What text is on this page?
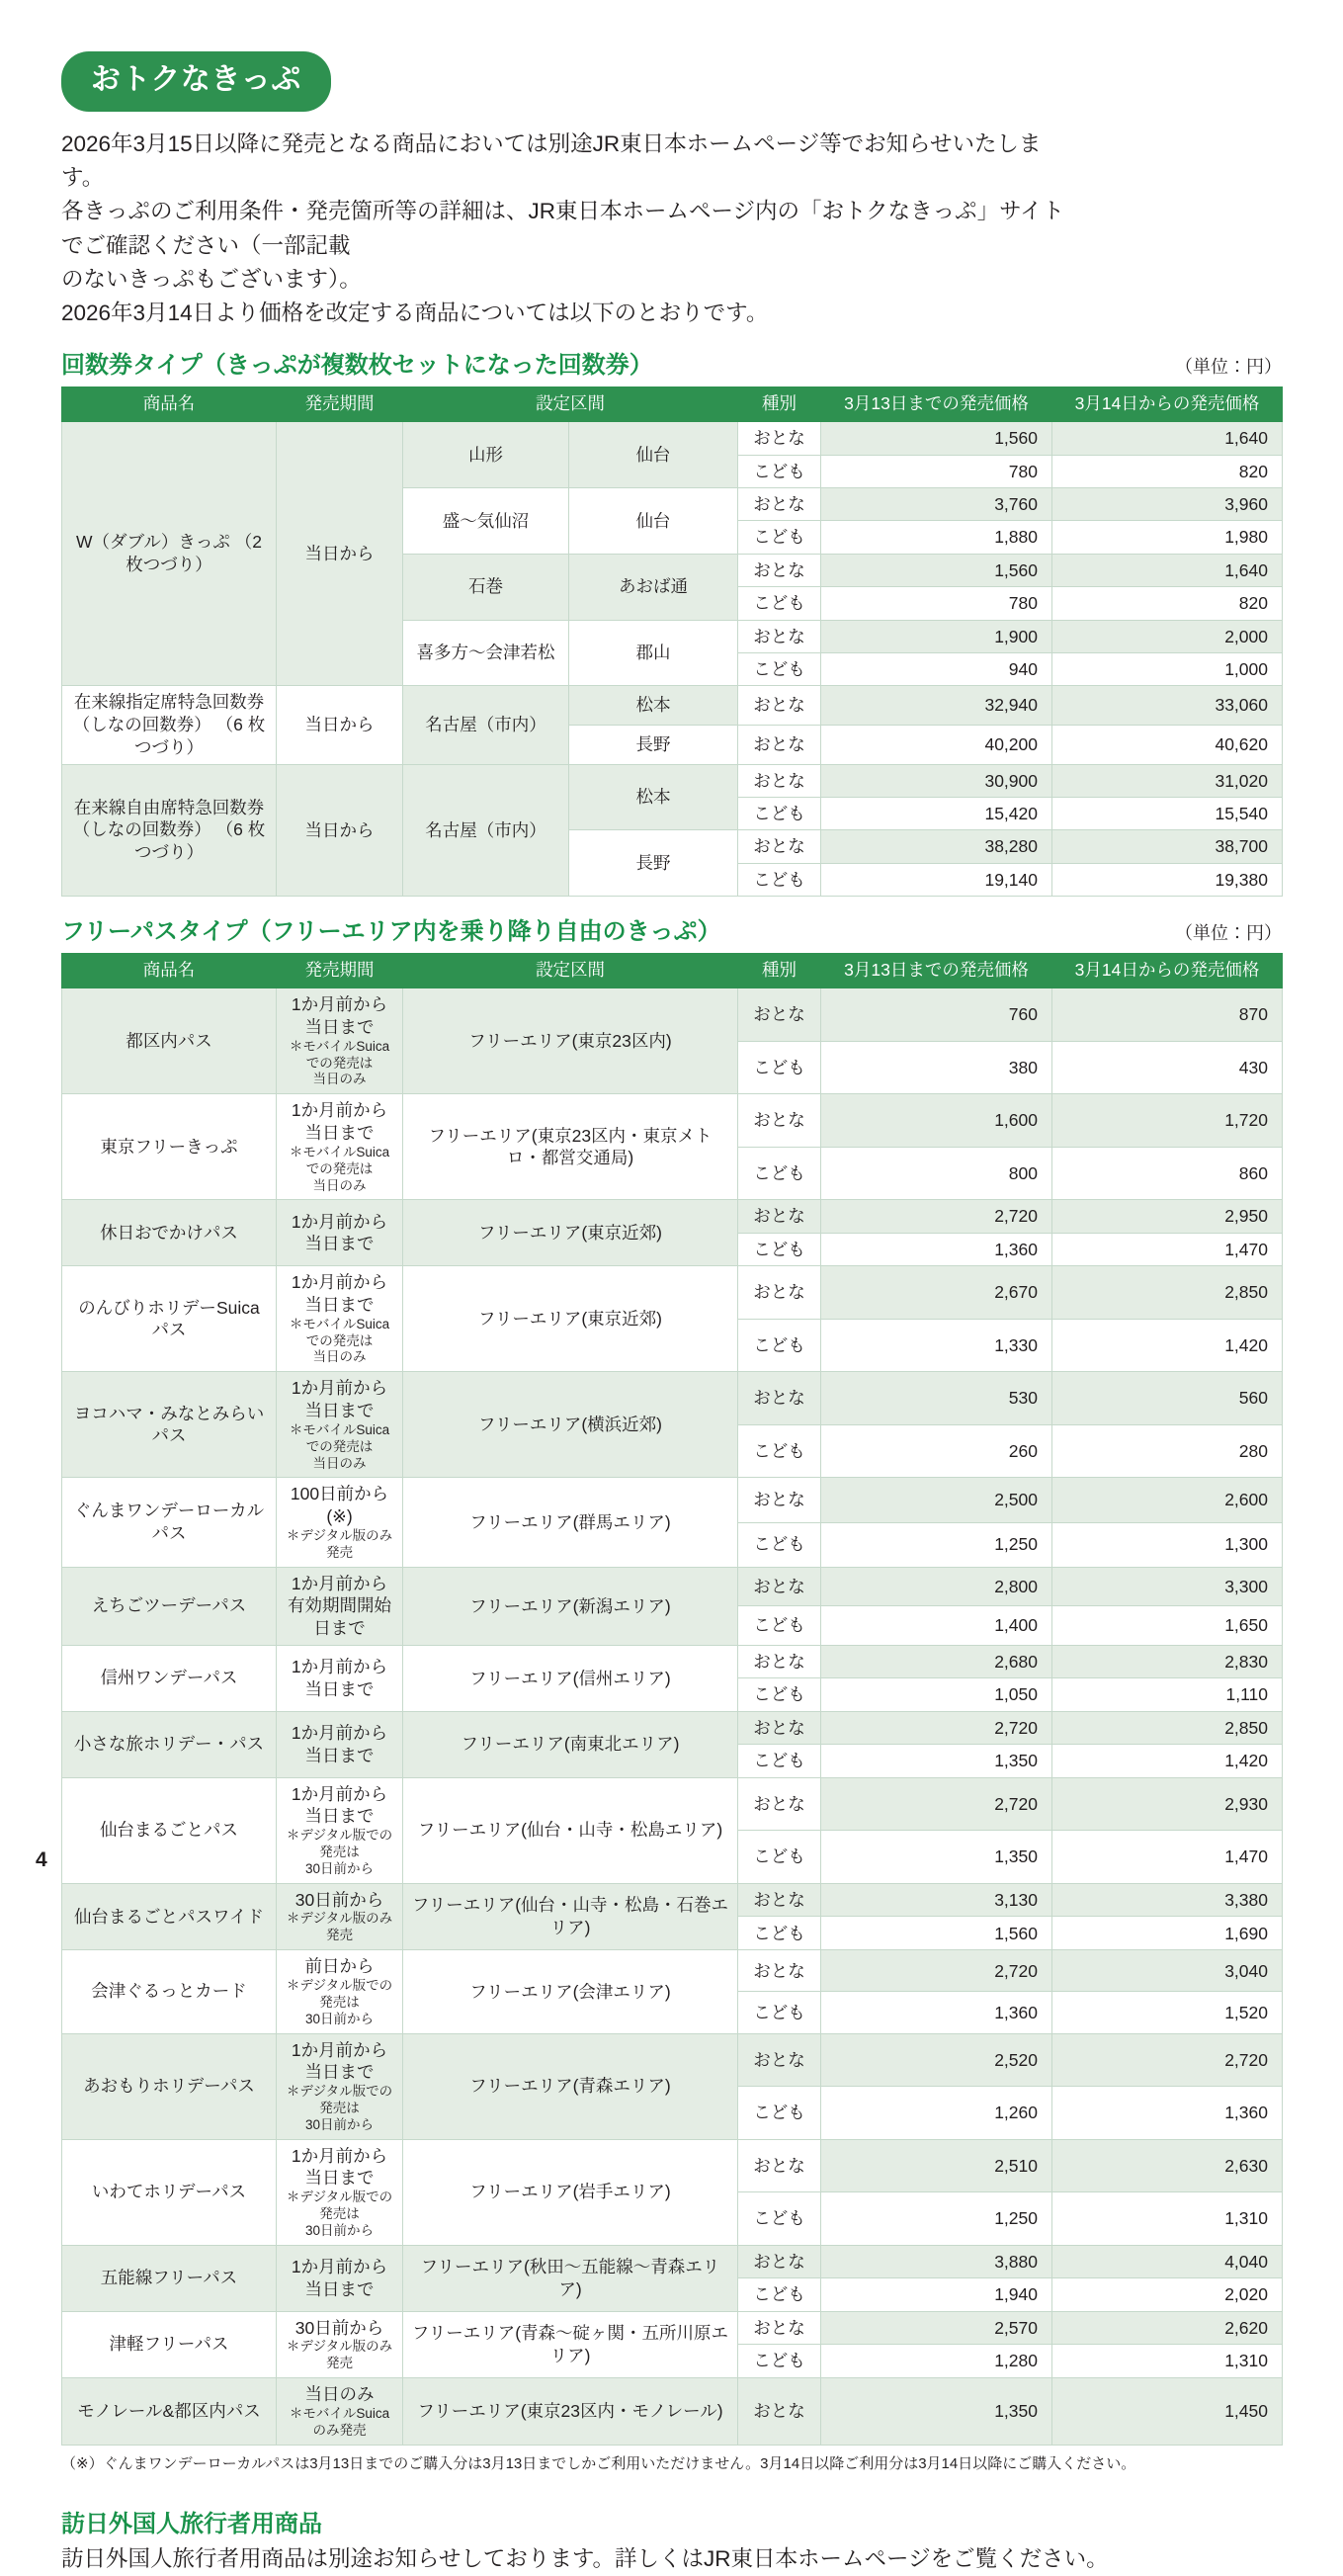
おトクなきっぷ

2026年3月15日以降に発売となる商品においては別途JR東日本ホームページ等でお知らせいたします。

各きっぷのご利用条件・発売箇所等の詳細は、JR東日本ホームページ内の「おトクなきっぷ」サイトでご確認ください（一部記載

のないきっぷもございます）。

2026年3月14日より価格を改定する商品については以下のとおりです。

回数券タイプ（きっぷが複数枚セットになった回数券）	（単位：円）
商品名	発売期間	設定区間		種別	3月13日までの発売価格	3月14日からの発売価格
W（ダブル）きっぷ （2 枚つづり）	当日から	山形	仙台	おとな	1,560	1,640
				こども	780	820
		盛〜気仙沼	仙台	おとな	3,760	3,960
				こども	1,880	1,980
		石巻	あおば通	おとな	1,560	1,640
				こども	780	820
		喜多方〜会津若松	郡山	おとな	1,900	2,000
				こども	940	1,000
在来線指定席特急回数券 （しなの回数券） （6 枚つづり）	当日から	名古屋（市内）	松本	おとな	32,940	33,060
			長野	おとな	40,200	40,620
在来線自由席特急回数券 （しなの回数券） （6 枚つづり）	当日から	名古屋（市内）	松本	おとな	30,900	31,020
				こども	15,420	15,540
			長野	おとな	38,280	38,700
				こども	19,140	19,380
フリーパスタイプ（フリーエリア内を乗り降り自由のきっぷ）	（単位：円）
商品名	発売期間	設定区間	種別	3月13日までの発売価格	3月14日からの発売価格
都区内パス	1か月前から当日まで
＊モバイルSuicaでの発売は
当日のみ	フリーエリア(東京23区内)	おとな	760	870
			こども	380	430
東京フリーきっぷ	1か月前から当日まで
＊モバイルSuicaでの発売は
当日のみ	フリーエリア(東京23区内・東京メトロ・都営交通局)	おとな	1,600	1,720
			こども	800	860
休日おでかけパス	1か月前から当日まで	フリーエリア(東京近郊)	おとな	2,720	2,950
			こども	1,360	1,470
のんびりホリデーSuicaパス	1か月前から当日まで
＊モバイルSuicaでの発売は
当日のみ	フリーエリア(東京近郊)	おとな	2,670	2,850
			こども	1,330	1,420
ヨコハマ・みなとみらいパス	1か月前から当日まで
＊モバイルSuicaでの発売は
当日のみ	フリーエリア(横浜近郊)	おとな	530	560
			こども	260	280
ぐんまワンデーローカルパス	100日前から(※)
＊デジタル版のみ発売	フリーエリア(群馬エリア)	おとな	2,500	2,600
			こども	1,250	1,300
えちごツーデーパス	1か月前から有効期間開始日まで	フリーエリア(新潟エリア)	おとな	2,800	3,300
			こども	1,400	1,650
信州ワンデーパス	1か月前から当日まで	フリーエリア(信州エリア)	おとな	2,680	2,830
			こども	1,050	1,110
小さな旅ホリデー・パス	1か月前から当日まで	フリーエリア(南東北エリア)	おとな	2,720	2,850
			こども	1,350	1,420
仙台まるごとパス	1か月前から当日まで
＊デジタル版での発売は
30日前から	フリーエリア(仙台・山寺・松島エリア)	おとな	2,720	2,930
			こども	1,350	1,470
仙台まるごとパスワイド	30日前から
＊デジタル版のみ発売	フリーエリア(仙台・山寺・松島・石巻エリア)	おとな	3,130	3,380
			こども	1,560	1,690
会津ぐるっとカード	前日から
＊デジタル版での発売は
30日前から	フリーエリア(会津エリア)	おとな	2,720	3,040
			こども	1,360	1,520
あおもりホリデーパス	1か月前から当日まで
＊デジタル版での発売は
30日前から	フリーエリア(青森エリア)	おとな	2,520	2,720
			こども	1,260	1,360
いわてホリデーパス	1か月前から当日まで
＊デジタル版での発売は
30日前から	フリーエリア(岩手エリア)	おとな	2,510	2,630
			こども	1,250	1,310
五能線フリーパス	1か月前から当日まで	フリーエリア(秋田〜五能線〜青森エリア)	おとな	3,880	4,040
			こども	1,940	2,020
津軽フリーパス	30日前から
＊デジタル版のみ発売	フリーエリア(青森〜碇ヶ関・五所川原エリア)	おとな	2,570	2,620
			こども	1,280	1,310
モノレール&都区内パス	当日のみ
＊モバイルSuicaのみ発売	フリーエリア(東京23区内・モノレール)	おとな	1,350	1,450
（※）ぐんまワンデーローカルパスは3月13日までのご購入分は3月13日までしかご利用いただけません。3月14日以降ご利用分は3月14日以降にご購入ください。
訪日外国人旅行者用商品
訪日外国人旅行者用商品は別途お知らせしております。詳しくはJR東日本ホームページをご覧ください。
4
